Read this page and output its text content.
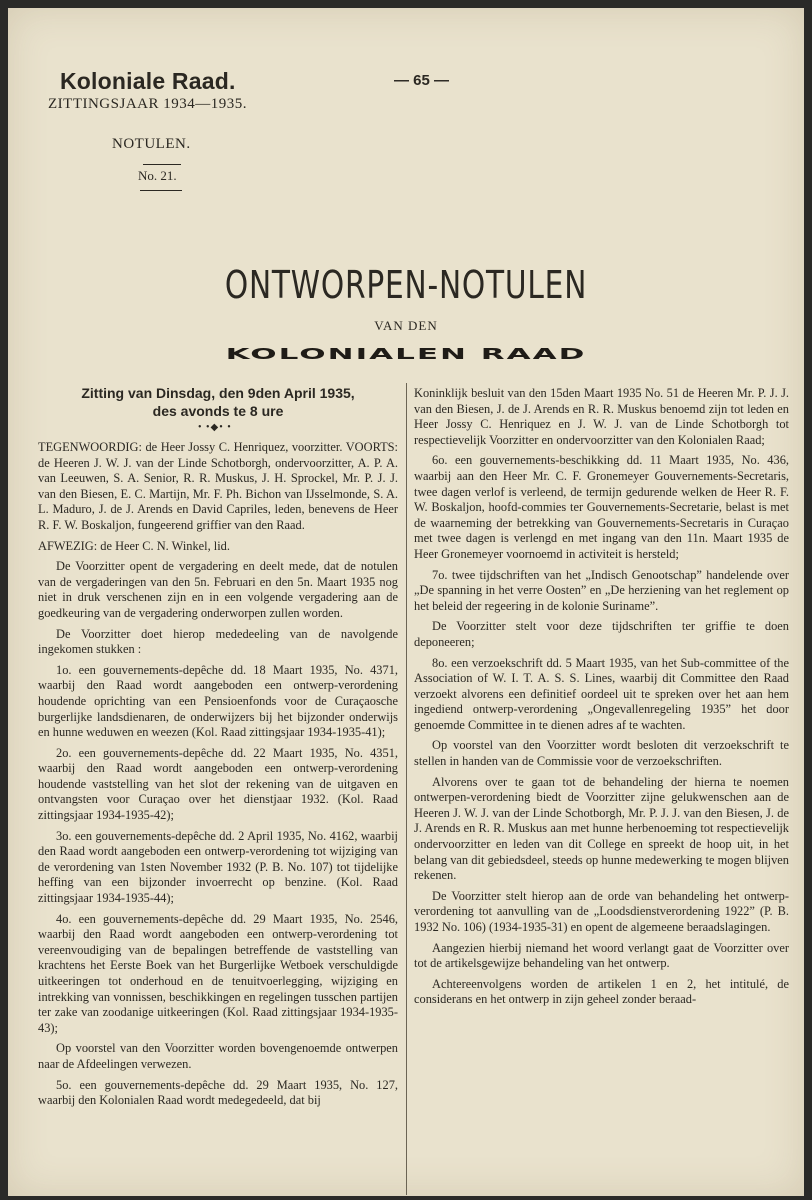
Koloniale Raad.
ZITTINGSJAAR 1934—1935.
— 65 —
NOTULEN.
No. 21.
ONTWORPEN-NOTULEN
VAN DEN
KOLONIALEN RAAD
Zitting van Dinsdag, den 9den April 1935,
des avonds te 8 ure
• •◆• •

TEGENWOORDIG: de Heer Jossy C. Henriquez, voorzitter. VOORTS: de Heeren J. W. J. van der Linde Schotborgh, ondervoorzitter, A. P. A. van Leeuwen, S. A. Senior, R. R. Muskus, J. H. Sprockel, Mr. P. J. J. van den Biesen, E. C. Martijn, Mr. F. Ph. Bichon van IJsselmonde, S. A. L. Maduro, J. de J. Arends en David Capriles, leden, benevens de Heer R. F. W. Boskaljon, fungeerend griffier van den Raad.

AFWEZIG: de Heer C. N. Winkel, lid.

De Voorzitter opent de vergadering en deelt mede, dat de notulen van de vergaderingen van den 5n. Februari en den 5n. Maart 1935 nog niet in druk verschenen zijn en in een volgende vergadering aan de goedkeuring van de vergadering onderworpen zullen worden.

De Voorzitter doet hierop mededeeling van de navolgende ingekomen stukken :

1o. een gouvernements-depêche dd. 18 Maart 1935, No. 4371, waarbij den Raad wordt aangeboden een ontwerp-verordening houdende oprichting van een Pensioenfonds voor de Curaçaosche burgerlijke landsdienaren, de onderwijzers bij het bijzonder onderwijs en hunne weduwen en weezen (Kol. Raad zittingsjaar 1934-1935-41);

2o. een gouvernements-depêche dd. 22 Maart 1935, No. 4351, waarbij den Raad wordt aangeboden een ontwerp-verordening houdende vaststelling van het slot der rekening van de uitgaven en ontvangsten voor Curaçao over het dienstjaar 1932. (Kol. Raad zittingsjaar 1934-1935-42);

3o. een gouvernements-depêche dd. 2 April 1935, No. 4162, waarbij den Raad wordt aangeboden een ontwerp-verordening tot wijziging van de verordening van 1sten November 1932 (P. B. No. 107) tot tijdelijke heffing van een bijzonder invoerrecht op benzine. (Kol. Raad zittingsjaar 1934-1935-44);

4o. een gouvernements-depêche dd. 29 Maart 1935, No. 2546, waarbij den Raad wordt aangeboden een ontwerp-verordening tot vereenvoudiging van de bepalingen betreffende de vaststelling van krachtens het Eerste Boek van het Burgerlijke Wetboek verschuldigde uitkeeringen tot onderhoud en de tenuitvoerlegging, wijziging en intrekking van vonnissen, beschikkingen en regelingen tusschen partijen ter zake van zoodanige uitkeeringen (Kol. Raad zittingsjaar 1934-1935-43);

Op voorstel van den Voorzitter worden bovengenoemde ontwerpen naar de Afdeelingen verwezen.

5o. een gouvernements-depêche dd. 29 Maart 1935, No. 127, waarbij den Kolonialen Raad wordt medegedeeld, dat bij

Koninklijk besluit van den 15den Maart 1935 No. 51 de Heeren Mr. P. J. J. van den Biesen, J. de J. Arends en R. R. Muskus benoemd zijn tot leden en Heer Jossy C. Henriquez en J. W. J. van de Linde Schotborgh tot respectievelijk Voorzitter en ondervoorzitter van den Kolonialen Raad;

6o. een gouvernements-beschikking dd. 11 Maart 1935, No. 436, waarbij aan den Heer Mr. C. F. Gronemeyer Gouvernements-Secretaris, twee dagen verlof is verleend, de termijn gedurende welken de Heer R. F. W. Boskaljon, hoofd-commies ter Gouvernements-Secretarie, belast is met de waarneming der betrekking van Gouvernements-Secretaris in Curaçao met twee dagen is verlengd en met ingang van den 11n. Maart 1935 de Heer Gronemeyer voornoemd in activiteit is hersteld;

7o. twee tijdschriften van het „Indisch Genootschap” handelende over „De spanning in het verre Oosten” en „De herziening van het reglement op het beleid der regeering in de kolonie Suriname”.

De Voorzitter stelt voor deze tijdschriften ter griffie te doen deponeeren;

8o. een verzoekschrift dd. 5 Maart 1935, van het Sub-committee of the Association of W. I. T. A. S. S. Lines, waarbij dit Committee den Raad verzoekt alvorens een definitief oordeel uit te spreken over het aan hem ingediend ontwerp-verordening „Ongevallenregeling 1935” het door genoemde Committee in te dienen adres af te wachten.

Op voorstel van den Voorzitter wordt besloten dit verzoekschrift te stellen in handen van de Commissie voor de verzoekschriften.

Alvorens over te gaan tot de behandeling der hierna te noemen ontwerpen-verordening biedt de Voorzitter zijne gelukwenschen aan de Heeren J. W. J. van der Linde Schotborgh, Mr. P. J. J. van den Biesen, J. de J. Arends en R. R. Muskus aan met hunne herbenoeming tot respectievelijk ondervoorzitter en leden van dit College en spreekt de hoop uit, in het belang van dit gebiedsdeel, steeds op hunne medewerking te mogen blijven rekenen.

De Voorzitter stelt hierop aan de orde van behandeling het ontwerp-verordening tot aanvulling van de „Loodsdienstverordening 1922” (P. B. 1932 No. 106) (1934-1935-31) en opent de algemeene beraadslagingen.

Aangezien hierbij niemand het woord verlangt gaat de Voorzitter over tot de artikelsgewijze behandeling van het ontwerp.

Achtereenvolgens worden de artikelen 1 en 2, het intitulé, de considerans en het ontwerp in zijn geheel zonder beraad-
